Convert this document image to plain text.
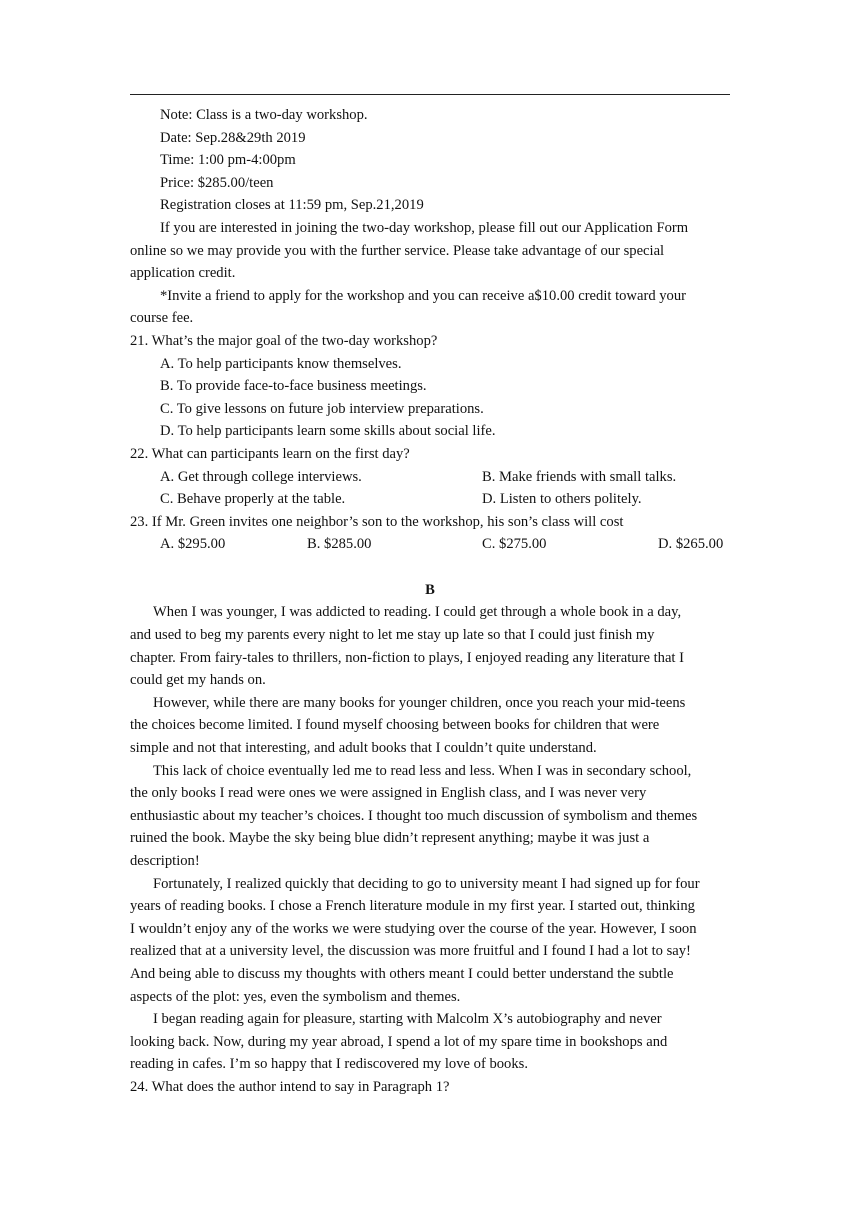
Note: Class is a two-day workshop.
Date: Sep.28&29th 2019
Time: 1:00 pm-4:00pm
Price: $285.00/teen
Registration closes at 11:59 pm, Sep.21,2019
If you are interested in joining the two-day workshop, please fill out our Application Form
online so we may provide you with the further service. Please take advantage of our special
application credit.
*Invite a friend to apply for the workshop and you can receive a$10.00 credit toward your
course fee.
21. What’s the major goal of the two-day workshop?
A. To help participants know themselves.
B. To provide face-to-face business meetings.
C. To give lessons on future job interview preparations.
D. To help participants learn some skills about social life.
22. What can participants learn on the first day?
A. Get through college interviews.	B. Make friends with small talks.
C. Behave properly at the table.	D. Listen to others politely.
23. If Mr. Green invites one neighbor’s son to the workshop, his son’s class will cost
A. $295.00	B. $285.00	C. $275.00	D. $265.00
B
When I was younger, I was addicted to reading. I could get through a whole book in a day,
and used to beg my parents every night to let me stay up late so that I could just finish my
chapter. From fairy-tales to thrillers, non-fiction to plays, I enjoyed reading any literature that I
could get my hands on.
However, while there are many books for younger children, once you reach your mid-teens
the choices become limited. I found myself choosing between books for children that were
simple and not that interesting, and adult books that I couldn’t quite understand.
This lack of choice eventually led me to read less and less. When I was in secondary school,
the only books I read were ones we were assigned in English class, and I was never very
enthusiastic about my teacher’s choices. I thought too much discussion of symbolism and themes
ruined the book. Maybe the sky being blue didn’t represent anything; maybe it was just a
description!
Fortunately, I realized quickly that deciding to go to university meant I had signed up for four
years of reading books. I chose a French literature module in my first year. I started out, thinking
I wouldn’t enjoy any of the works we were studying over the course of the year. However, I soon
realized that at a university level, the discussion was more fruitful and I found I had a lot to say!
And being able to discuss my thoughts with others meant I could better understand the subtle
aspects of the plot: yes, even the symbolism and themes.
I began reading again for pleasure, starting with Malcolm X’s autobiography and never
looking back. Now, during my year abroad, I spend a lot of my spare time in bookshops and
reading in cafes. I’m so happy that I rediscovered my love of books.
24. What does the author intend to say in Paragraph 1?
